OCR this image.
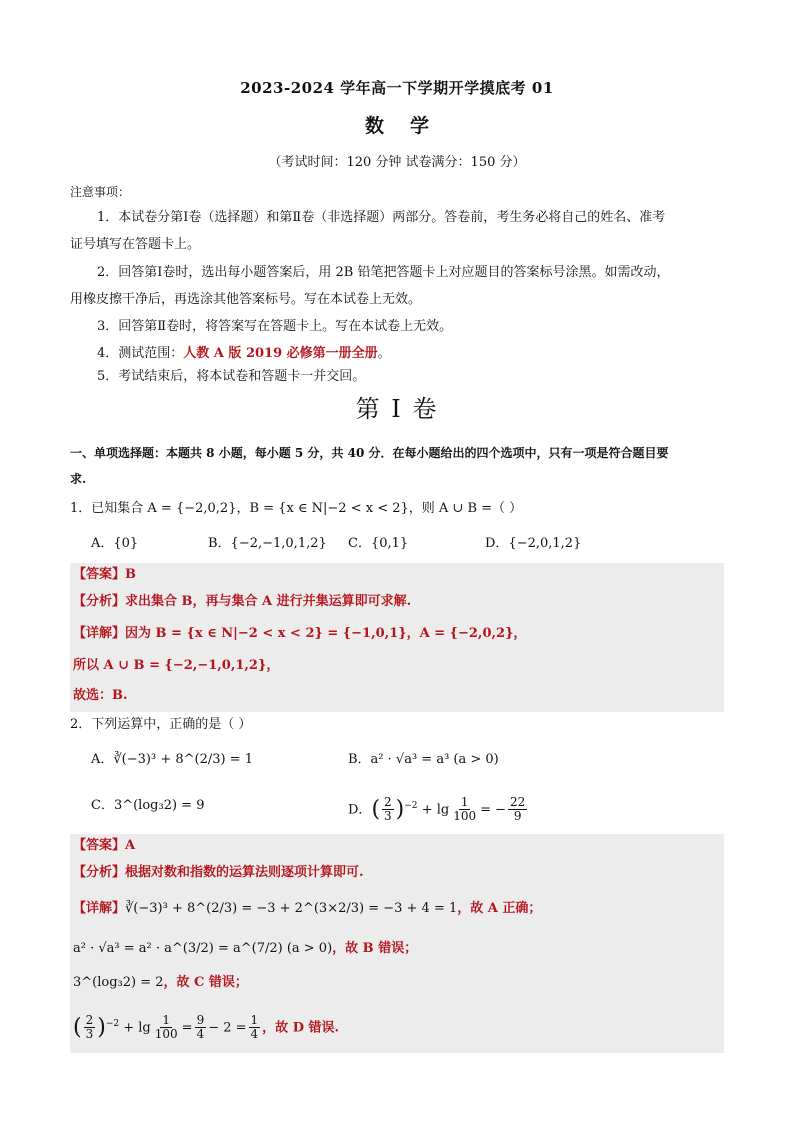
2023-2024 学年高一下学期开学摸底考 01
数学
（考试时间：120 分钟 试卷满分：150 分）
注意事项：
1．本试卷分第Ⅰ卷（选择题）和第Ⅱ卷（非选择题）两部分。答卷前，考生务必将自己的姓名、准考
证号填写在答题卡上。
2．回答第Ⅰ卷时，选出每小题答案后，用 2B 铅笔把答题卡上对应题目的答案标号涂黑。如需改动，
用橡皮擦干净后，再选涂其他答案标号。写在本试卷上无效。
3．回答第Ⅱ卷时，将答案写在答题卡上。写在本试卷上无效。
4．测试范围：人教 A 版 2019 必修第一册全册。
5．考试结束后，将本试卷和答题卡一并交回。
第 I 卷
一、单项选择题：本题共 8 小题，每小题 5 分，共 40 分．在每小题给出的四个选项中，只有一项是符合题目要
求.
1．已知集合 A = {−2,0,2}，B = {x ∈ N|−2 < x < 2}，则 A ∪ B =（ ）
A．{0}	B．{−2,−1,0,1,2} C．{0,1}	D．{−2,0,1,2}
【答案】B
【分析】求出集合 B，再与集合 A 进行并集运算即可求解.
【详解】因为 B = {x ∈ N|−2 < x < 2} = {−1,0,1}，A = {−2,0,2}，
所以 A ∪ B = {−2,−1,0,1,2}，
故选：B.
2．下列运算中，正确的是（ ）
A．∛(−3)³ + 8^(2/3) = 1	B．a² · √a³ = a³ (a > 0)
C．3^(log₃2) = 9	D．( $\frac{2}{3} )^{-2} + \lg \frac{1}{100}$ = − $\frac{22}{9}$
【答案】A
【分析】根据对数和指数的运算法则逐项计算即可.
【详解】∛(−3)³ + 8^(2/3) = −3 + 2^(3×2/3) = −3 + 4 = 1，故 A 正确；
a² · √a³ = a² · a^(3/2) = a^(7/2) (a > 0)，故 B 错误；
3^(log₃2) = 2，故 C 错误；
( $\frac{2}{3} )^{-2} + \lg \frac{1}{100} = \frac{9}{4} - 2 = \frac{1}{4}$ ，故 D 错误.
